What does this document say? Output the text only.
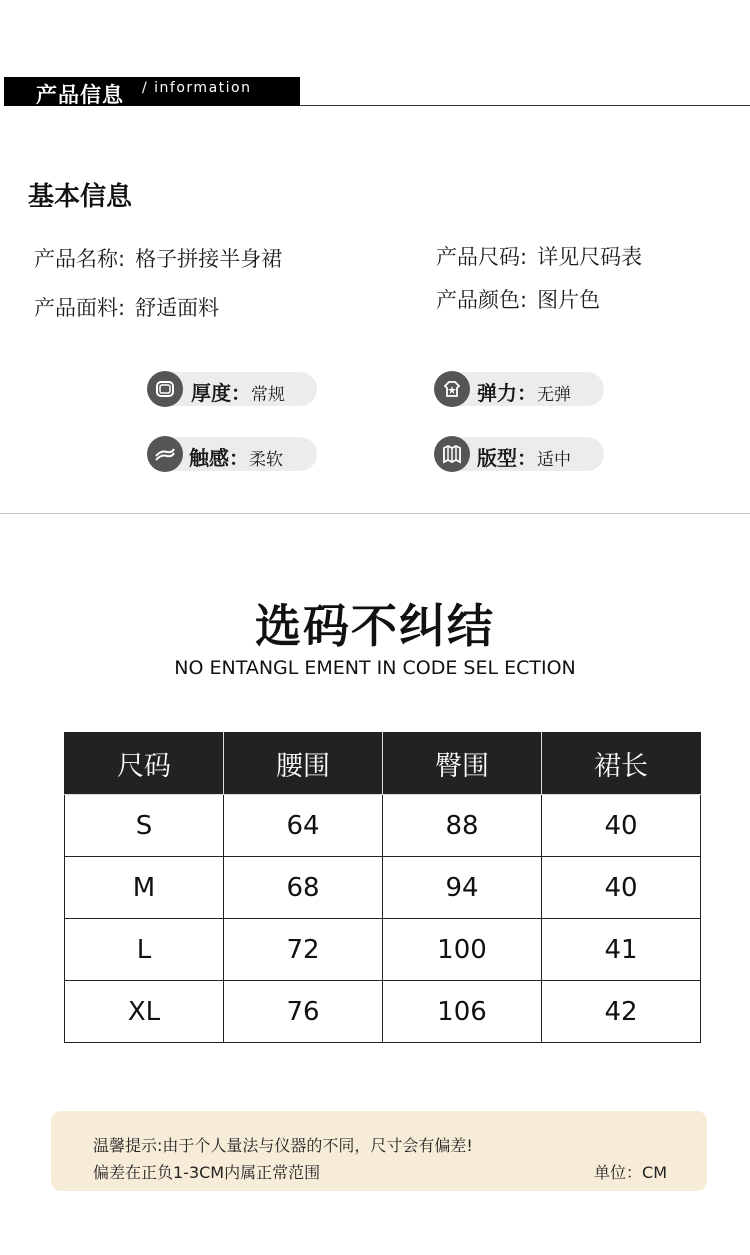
产品信息 / information
基本信息
产品名称: 格子拼接半身裙
产品面料: 舒适面料
产品尺码: 详见尺码表
产品颜色: 图片色
厚度：常规	弹力：无弹
触感：柔软	版型：适中
选码不纠结
NO ENTANGL EMENT IN CODE SEL ECTION
尺码	腰围	臀围	裙长
S	64	88	40
M	68	94	40
L	72	100	41
XL	76	106	42
温馨提示:由于个人量法与仪器的不同，尺寸会有偏差!
偏差在正负1-3CM内属正常范围	单位：CM
